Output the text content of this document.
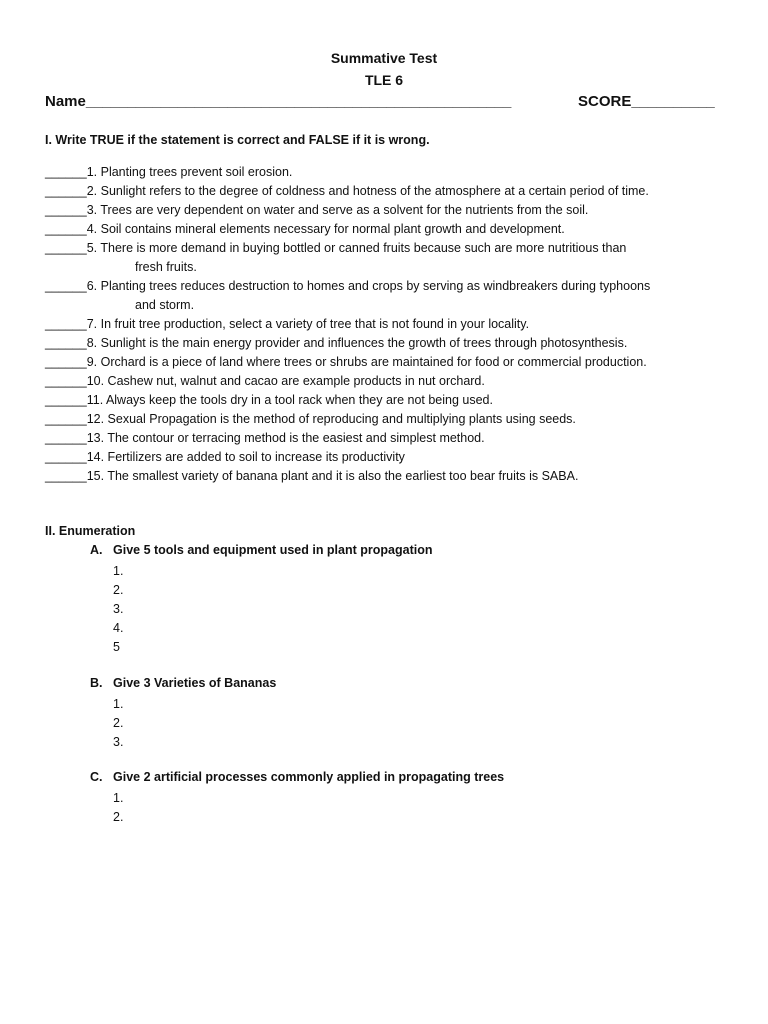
Summative Test
TLE 6
Name___________________________________________________	SCORE__________
I. Write TRUE if the statement is correct and FALSE if it is wrong.
______1. Planting trees prevent soil erosion.
______2. Sunlight refers to the degree of coldness and hotness of the atmosphere at a certain period of time.
______3. Trees are very dependent on water and serve as a solvent for the nutrients from the soil.
______4. Soil contains mineral elements necessary for normal plant growth and development.
______5. There is more demand in buying bottled or canned fruits because such are more nutritious than
fresh fruits.
______6. Planting trees reduces destruction to homes and crops by serving as windbreakers during typhoons
and storm.
______7. In fruit tree production, select a variety of tree that is not found in your locality.
______8. Sunlight is the main energy provider and influences the growth of trees through photosynthesis.
______9. Orchard is a piece of land where trees or shrubs are maintained for food or commercial production.
______10. Cashew nut, walnut and cacao are example products in nut orchard.
______11. Always keep the tools dry in a tool rack when they are not being used.
______12. Sexual Propagation is the method of reproducing and multiplying plants using seeds.
______13. The contour or terracing method is the easiest and simplest method.
______14. Fertilizers are added to soil to increase its productivity
______15. The smallest variety of banana plant and it is also the earliest too bear fruits is SABA.
II. Enumeration
A. Give 5 tools and equipment used in plant propagation
1.
2.
3.
4.
5
B. Give 3 Varieties of Bananas
1.
2.
3.
C. Give 2 artificial processes commonly applied in propagating trees
1.
2.
